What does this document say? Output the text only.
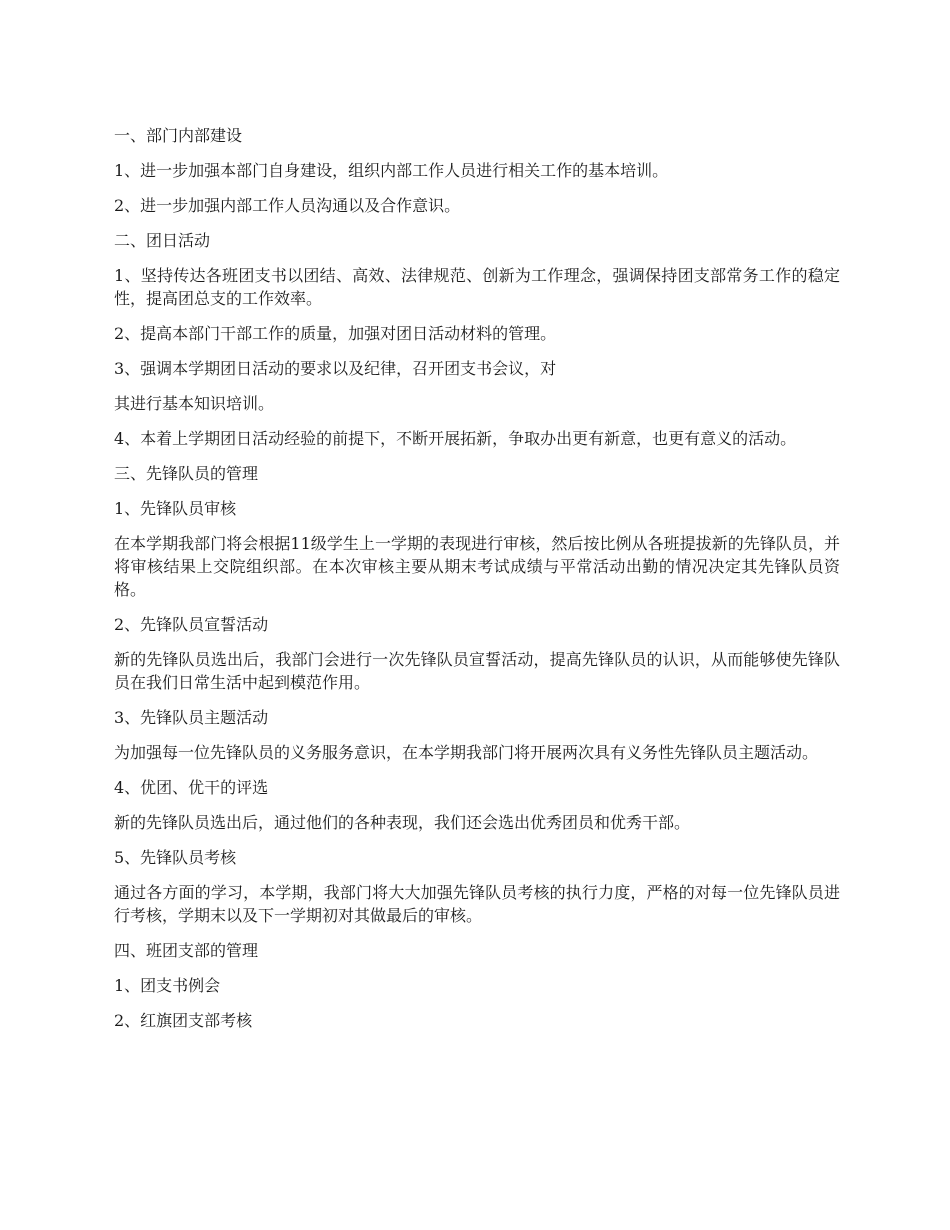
一、部门内部建设

1、进一步加强本部门自身建设，组织内部工作人员进行相关工作的基本培训。

2、进一步加强内部工作人员沟通以及合作意识。

二、团日活动

1、坚持传达各班团支书以团结、高效、法律规范、创新为工作理念，强调保持团支部常务工作的稳定性，提高团总支的工作效率。

2、提高本部门干部工作的质量，加强对团日活动材料的管理。

3、强调本学期团日活动的要求以及纪律，召开团支书会议，对

其进行基本知识培训。

4、本着上学期团日活动经验的前提下，不断开展拓新，争取办出更有新意，也更有意义的活动。

三、先锋队员的管理

1、先锋队员审核

在本学期我部门将会根据11级学生上一学期的表现进行审核，然后按比例从各班提拔新的先锋队员，并将审核结果上交院组织部。在本次审核主要从期末考试成绩与平常活动出勤的情况决定其先锋队员资格。

2、先锋队员宣誓活动

新的先锋队员选出后，我部门会进行一次先锋队员宣誓活动，提高先锋队员的认识，从而能够使先锋队员在我们日常生活中起到模范作用。

3、先锋队员主题活动

为加强每一位先锋队员的义务服务意识，在本学期我部门将开展两次具有义务性先锋队员主题活动。

4、优团、优干的评选

新的先锋队员选出后，通过他们的各种表现，我们还会选出优秀团员和优秀干部。

5、先锋队员考核

通过各方面的学习，本学期，我部门将大大加强先锋队员考核的执行力度，严格的对每一位先锋队员进行考核，学期末以及下一学期初对其做最后的审核。

四、班团支部的管理

1、团支书例会

2、红旗团支部考核
